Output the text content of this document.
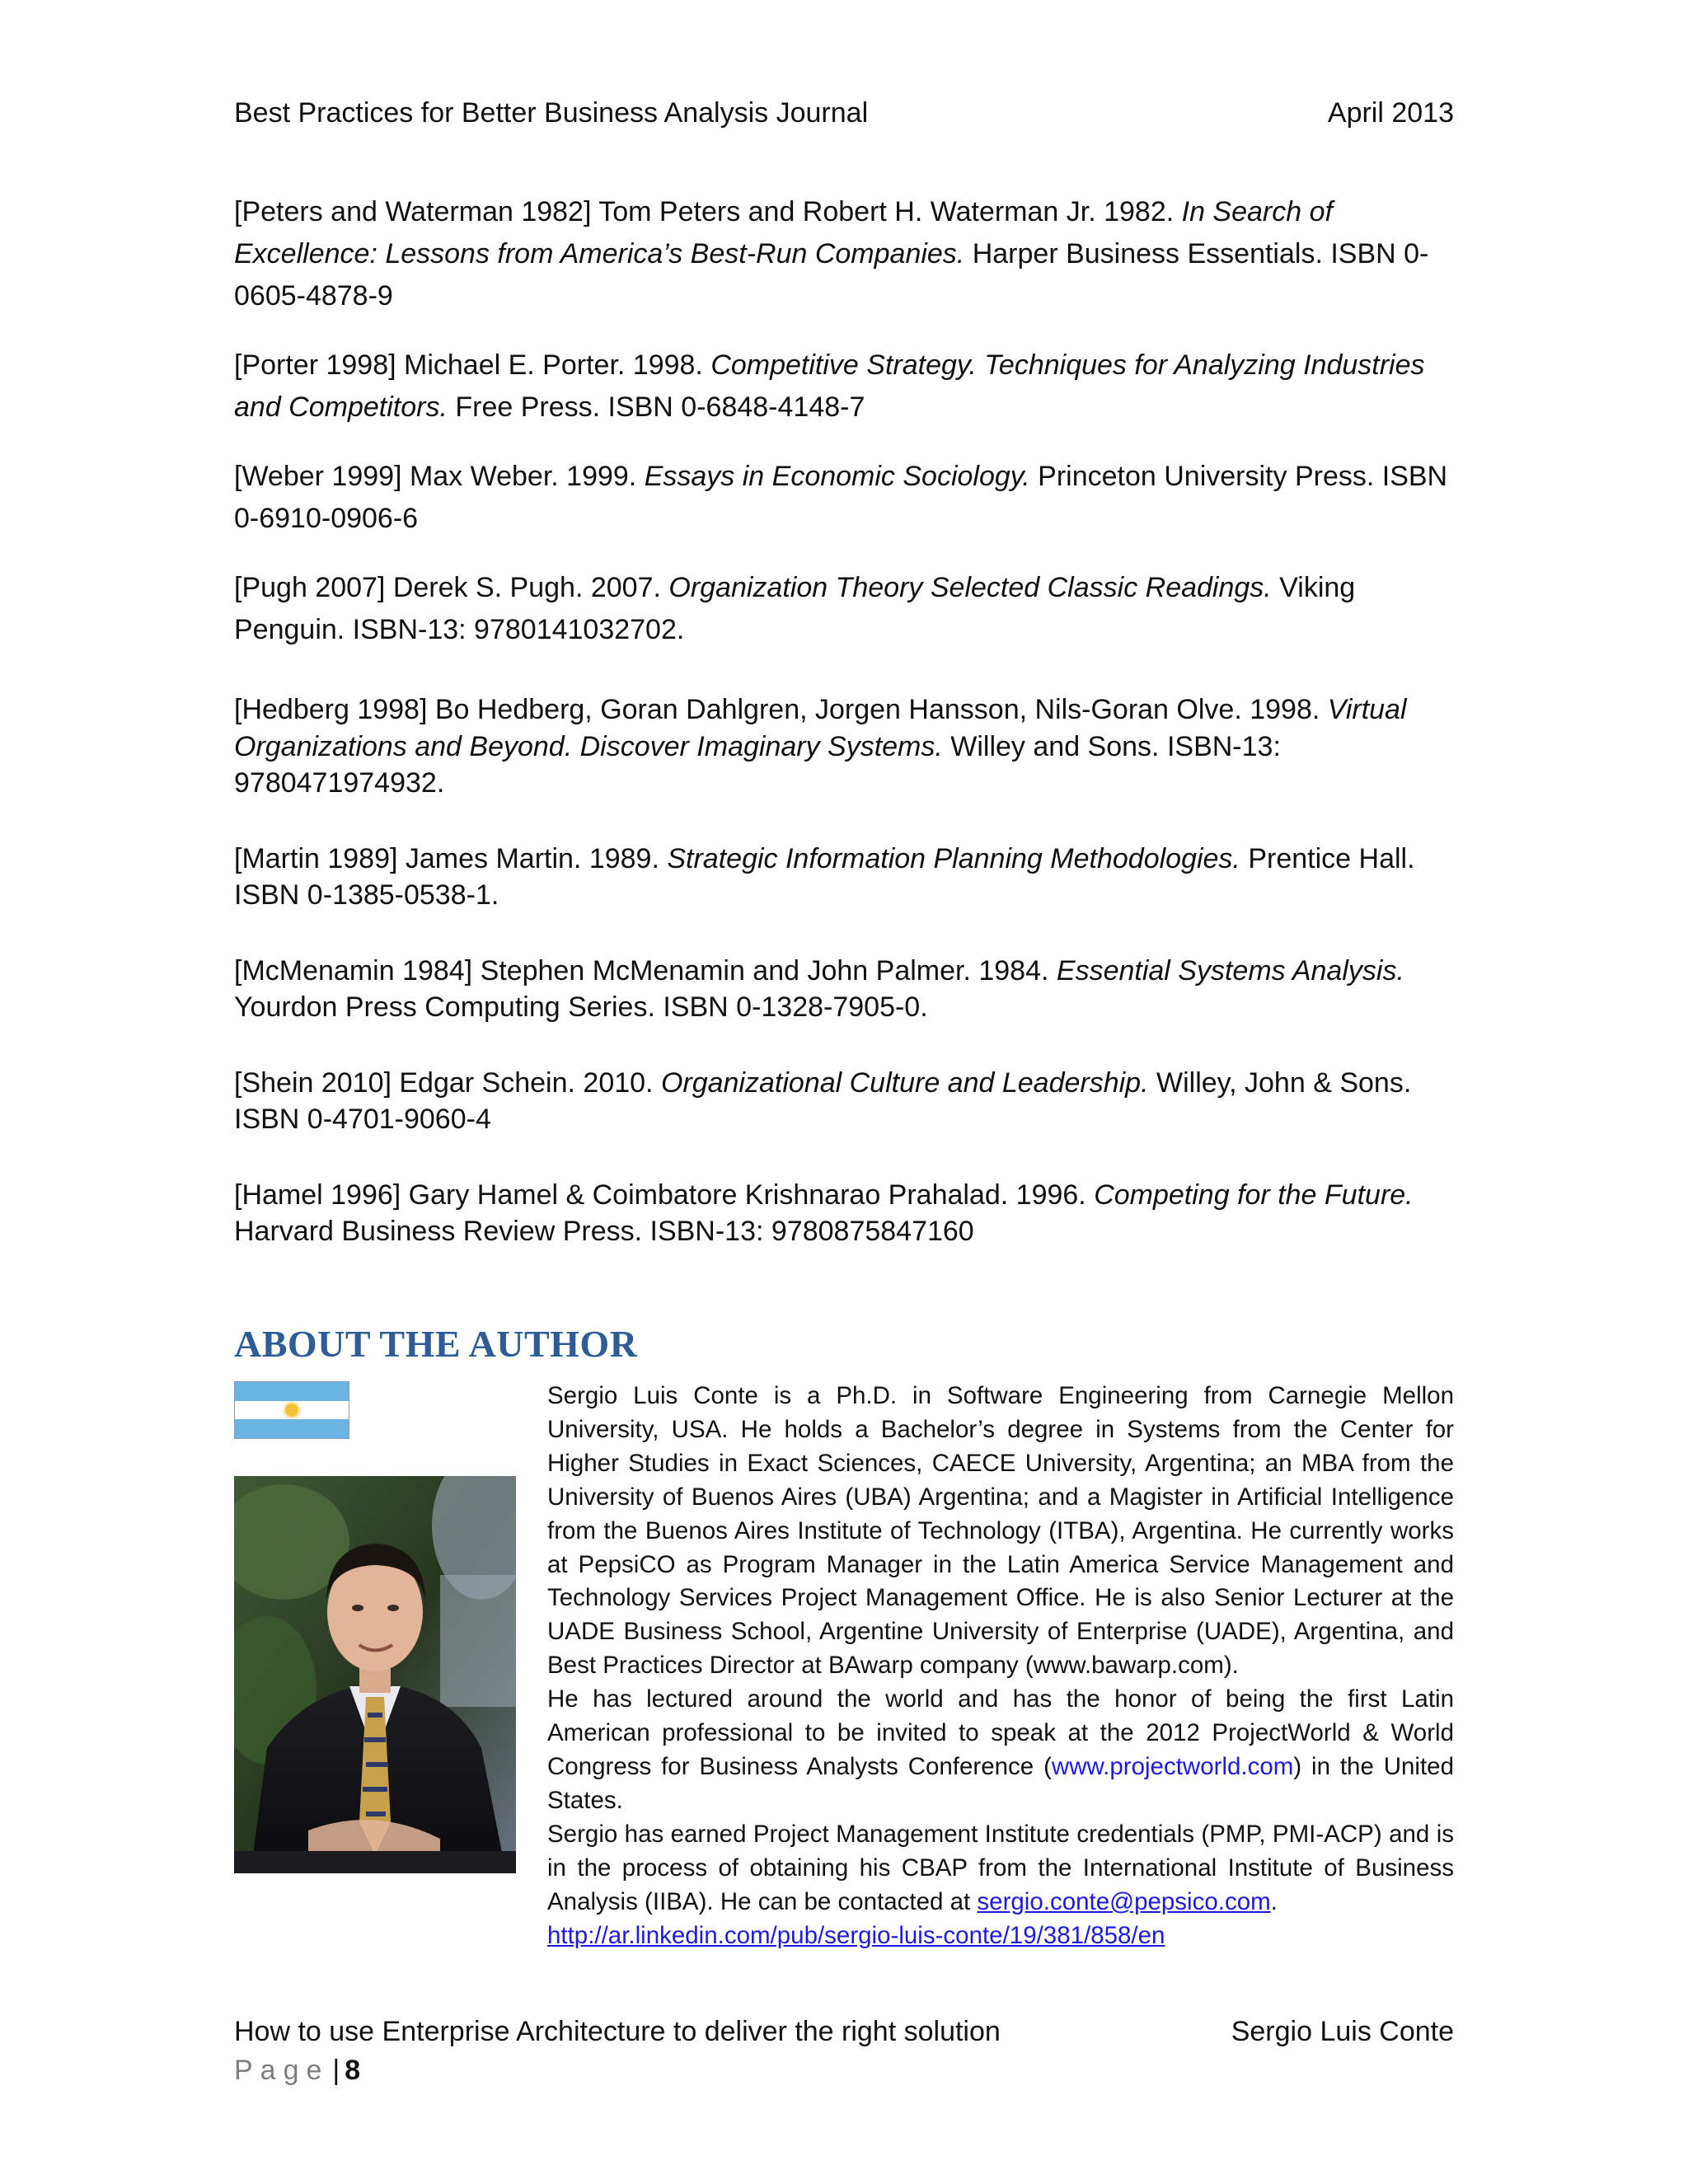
Best Practices for Better Business Analysis Journal	April 2013

[Peters and Waterman 1982] Tom Peters and Robert H. Waterman Jr. 1982. In Search of Excellence: Lessons from America’s Best-Run Companies. Harper Business Essentials. ISBN 0-0605-4878-9

[Porter 1998] Michael E. Porter. 1998. Competitive Strategy. Techniques for Analyzing Industries and Competitors. Free Press. ISBN 0-6848-4148-7

[Weber 1999] Max Weber. 1999. Essays in Economic Sociology. Princeton University Press. ISBN 0-6910-0906-6

[Pugh 2007] Derek S. Pugh. 2007. Organization Theory Selected Classic Readings. Viking Penguin. ISBN-13: 9780141032702.

[Hedberg 1998] Bo Hedberg, Goran Dahlgren, Jorgen Hansson, Nils-Goran Olve. 1998. Virtual Organizations and Beyond. Discover Imaginary Systems. Willey and Sons. ISBN-13: 9780471974932.

[Martin 1989] James Martin. 1989. Strategic Information Planning Methodologies. Prentice Hall. ISBN 0-1385-0538-1.

[McMenamin 1984] Stephen McMenamin and John Palmer. 1984. Essential Systems Analysis. Yourdon Press Computing Series. ISBN 0-1328-7905-0.

[Shein 2010] Edgar Schein. 2010. Organizational Culture and Leadership. Willey, John & Sons. ISBN 0-4701-9060-4

[Hamel 1996] Gary Hamel & Coimbatore Krishnarao Prahalad. 1996. Competing for the Future. Harvard Business Review Press. ISBN-13: 9780875847160

ABOUT THE AUTHOR

Sergio Luis Conte is a Ph.D. in Software Engineering from Carnegie Mellon University, USA. He holds a Bachelor’s degree in Systems from the Center for Higher Studies in Exact Sciences, CAECE University, Argentina; an MBA from the University of Buenos Aires (UBA) Argentina; and a Magister in Artificial Intelligence from the Buenos Aires Institute of Technology (ITBA), Argentina. He currently works at PepsiCO as Program Manager in the Latin America Service Management and Technology Services Project Management Office. He is also Senior Lecturer at the UADE Business School, Argentine University of Enterprise (UADE), Argentina, and Best Practices Director at BAwarp company (www.bawarp.com).

He has lectured around the world and has the honor of being the first Latin American professional to be invited to speak at the 2012 ProjectWorld & World Congress for Business Analysts Conference (www.projectworld.com) in the United States.

Sergio has earned Project Management Institute credentials (PMP, PMI-ACP) and is in the process of obtaining his CBAP from the International Institute of Business Analysis (IIBA). He can be contacted at sergio.conte@pepsico.com.

http://ar.linkedin.com/pub/sergio-luis-conte/19/381/858/en
How to use Enterprise Architecture to deliver the right solution	Sergio Luis Conte
Page | 8
